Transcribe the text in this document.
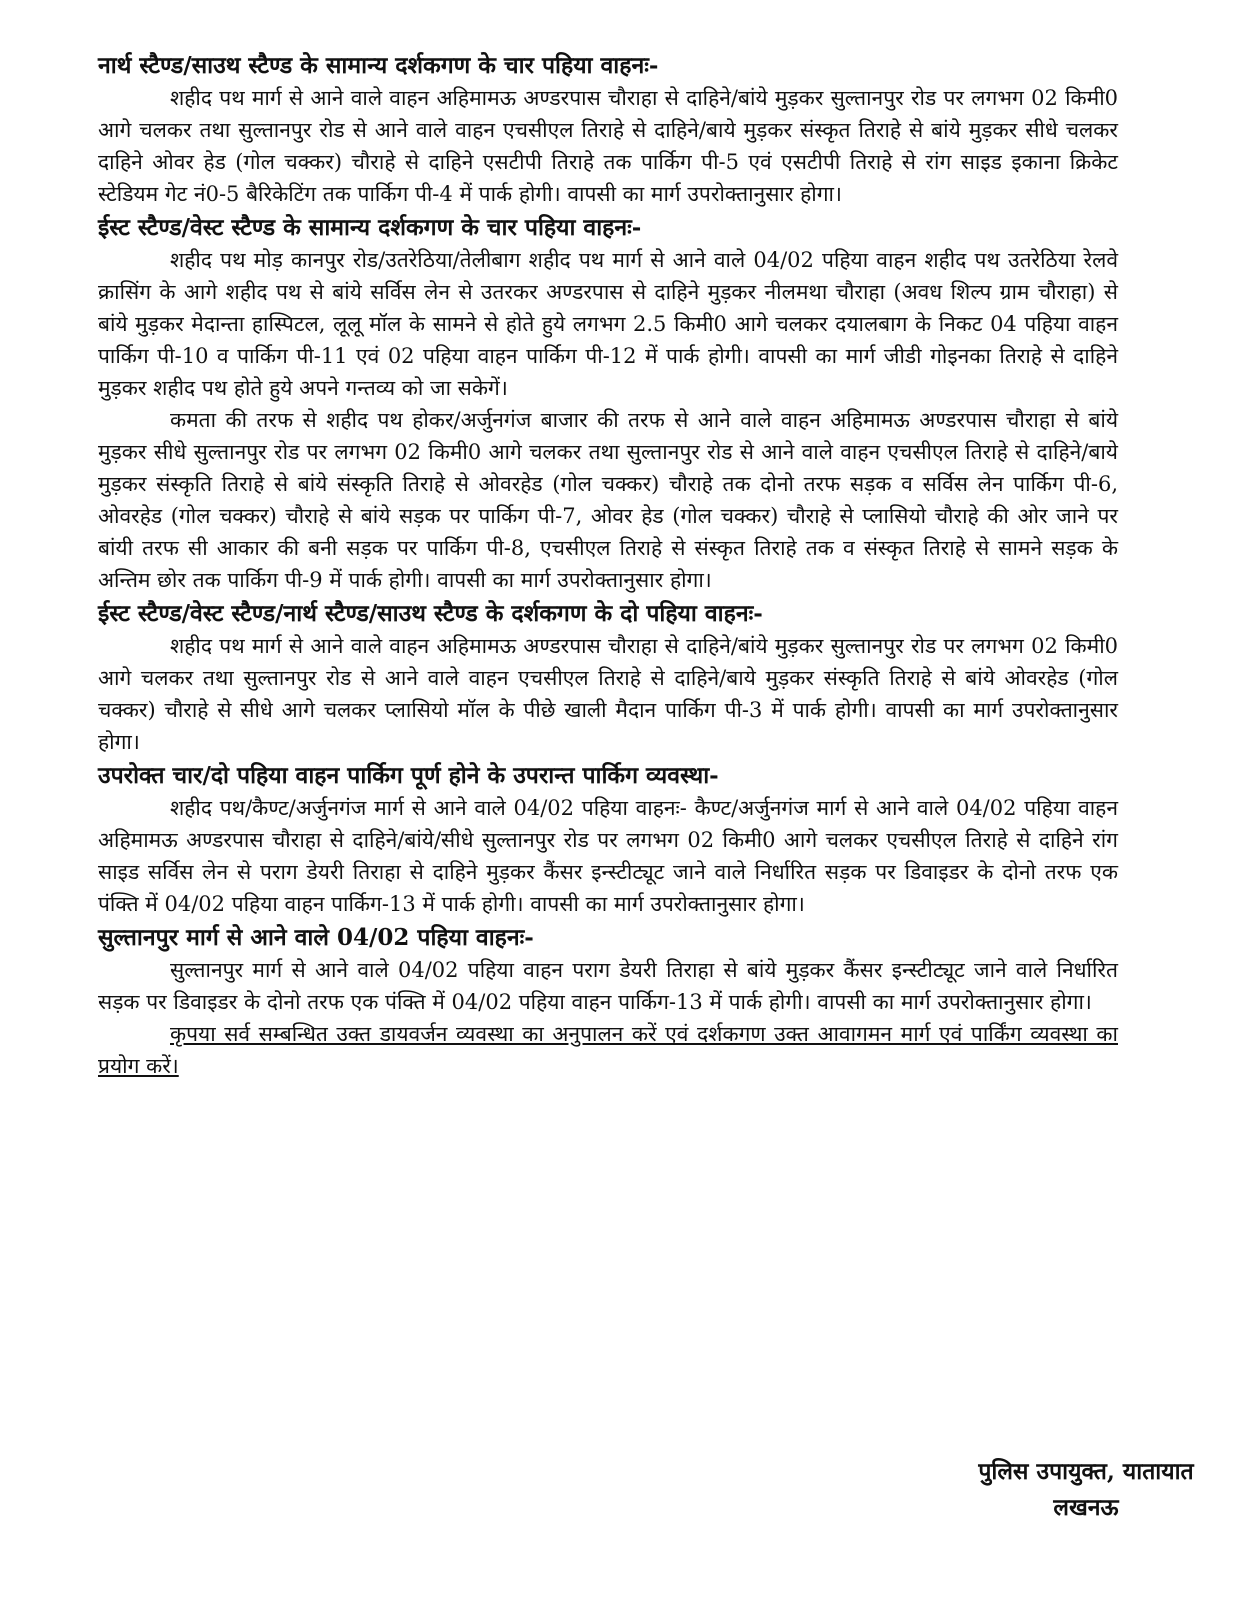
नार्थ स्टैण्ड/साउथ स्टैण्ड के सामान्य दर्शकगण के चार पहिया वाहनः-

शहीद पथ मार्ग से आने वाले वाहन अहिमामऊ अण्डरपास चौराहा से दाहिने/बांये मुड़कर सुल्तानपुर रोड पर लगभग 02 किमी0 आगे चलकर तथा सुल्तानपुर रोड से आने वाले वाहन एचसीएल तिराहे से दाहिने/बाये मुड़कर संस्कृत तिराहे से बांये मुड़कर सीधे चलकर दाहिने ओवर हेड (गोल चक्कर) चौराहे से दाहिने एसटीपी तिराहे तक पार्किग पी-5 एवं एसटीपी तिराहे से रांग साइड इकाना क्रिकेट स्टेडियम गेट नं0-5 बैरिकेटिंग तक पार्किग पी-4 में पार्क होगी। वापसी का मार्ग उपरोक्तानुसार होगा।

ईस्ट स्टैण्ड/वेस्ट स्टैण्ड के सामान्य दर्शकगण के चार पहिया वाहनः-

शहीद पथ मोड़ कानपुर रोड/उतरेठिया/तेलीबाग शहीद पथ मार्ग से आने वाले 04/02 पहिया वाहन शहीद पथ उतरेठिया रेलवे क्रासिंग के आगे शहीद पथ से बांये सर्विस लेन से उतरकर अण्डरपास से दाहिने मुड़कर नीलमथा चौराहा (अवध शिल्प ग्राम चौराहा) से बांये मुड़कर मेदान्ता हास्पिटल, लूलू मॉल के सामने से होते हुये लगभग 2.5 किमी0 आगे चलकर दयालबाग के निकट 04 पहिया वाहन पार्किग पी-10 व पार्किग पी-11 एवं 02 पहिया वाहन पार्किग पी-12 में पार्क होगी। वापसी का मार्ग जीडी गोइनका तिराहे से दाहिने मुड़कर शहीद पथ होते हुये अपने गन्तव्य को जा सकेगें।

कमता की तरफ से शहीद पथ होकर/अर्जुनगंज बाजार की तरफ से आने वाले वाहन अहिमामऊ अण्डरपास चौराहा से बांये मुड़कर सीधे सुल्तानपुर रोड पर लगभग 02 किमी0 आगे चलकर तथा सुल्तानपुर रोड से आने वाले वाहन एचसीएल तिराहे से दाहिने/बाये मुड़कर संस्कृति तिराहे से बांये संस्कृति तिराहे से ओवरहेड (गोल चक्कर) चौराहे तक दोनो तरफ सड़क व सर्विस लेन पार्किग पी-6, ओवरहेड (गोल चक्कर) चौराहे से बांये सड़क पर पार्किग पी-7, ओवर हेड (गोल चक्कर) चौराहे से प्लासियो चौराहे की ओर जाने पर बांयी तरफ सी आकार की बनी सड़क पर पार्किग पी-8, एचसीएल तिराहे से संस्कृत तिराहे तक व संस्कृत तिराहे से सामने सड़क के अन्तिम छोर तक पार्किग पी-9 में पार्क होगी। वापसी का मार्ग उपरोक्तानुसार होगा।

ईस्ट स्टैण्ड/वेस्ट स्टैण्ड/नार्थ स्टैण्ड/साउथ स्टैण्ड के दर्शकगण के दो पहिया वाहनः-

शहीद पथ मार्ग से आने वाले वाहन अहिमामऊ अण्डरपास चौराहा से दाहिने/बांये मुड़कर सुल्तानपुर रोड पर लगभग 02 किमी0 आगे चलकर तथा सुल्तानपुर रोड से आने वाले वाहन एचसीएल तिराहे से दाहिने/बाये मुड़कर संस्कृति तिराहे से बांये ओवरहेड (गोल चक्कर) चौराहे से सीधे आगे चलकर प्लासियो मॉल के पीछे खाली मैदान पार्किग पी-3 में पार्क होगी। वापसी का मार्ग उपरोक्तानुसार होगा।

उपरोक्त चार/दो पहिया वाहन पार्किग पूर्ण होने के उपरान्त पार्किग व्यवस्था-

शहीद पथ/कैण्ट/अर्जुनगंज मार्ग से आने वाले 04/02 पहिया वाहनः- कैण्ट/अर्जुनगंज मार्ग से आने वाले 04/02 पहिया वाहन अहिमामऊ अण्डरपास चौराहा से दाहिने/बांये/सीधे सुल्तानपुर रोड पर लगभग 02 किमी0 आगे चलकर एचसीएल तिराहे से दाहिने रांग साइड सर्विस लेन से पराग डेयरी तिराहा से दाहिने मुड़कर कैंसर इन्स्टीट्यूट जाने वाले निर्धारित सड़क पर डिवाइडर के दोनो तरफ एक पंक्ति में 04/02 पहिया वाहन पार्किग-13 में पार्क होगी। वापसी का मार्ग उपरोक्तानुसार होगा।

सुल्तानपुर मार्ग से आने वाले 04/02 पहिया वाहनः-

सुल्तानपुर मार्ग से आने वाले 04/02 पहिया वाहन पराग डेयरी तिराहा से बांये मुड़कर कैंसर इन्स्टीट्यूट जाने वाले निर्धारित सड़क पर डिवाइडर के दोनो तरफ एक पंक्ति में 04/02 पहिया वाहन पार्किग-13 में पार्क होगी। वापसी का मार्ग उपरोक्तानुसार होगा।

कृपया सर्व सम्बन्धित उक्त डायवर्जन व्यवस्था का अनुपालन करें एवं दर्शकगण उक्त आवागमन मार्ग एवं पार्किंग व्यवस्था का प्रयोग करें।

पुलिस उपायुक्त, यातायात
लखनऊ
